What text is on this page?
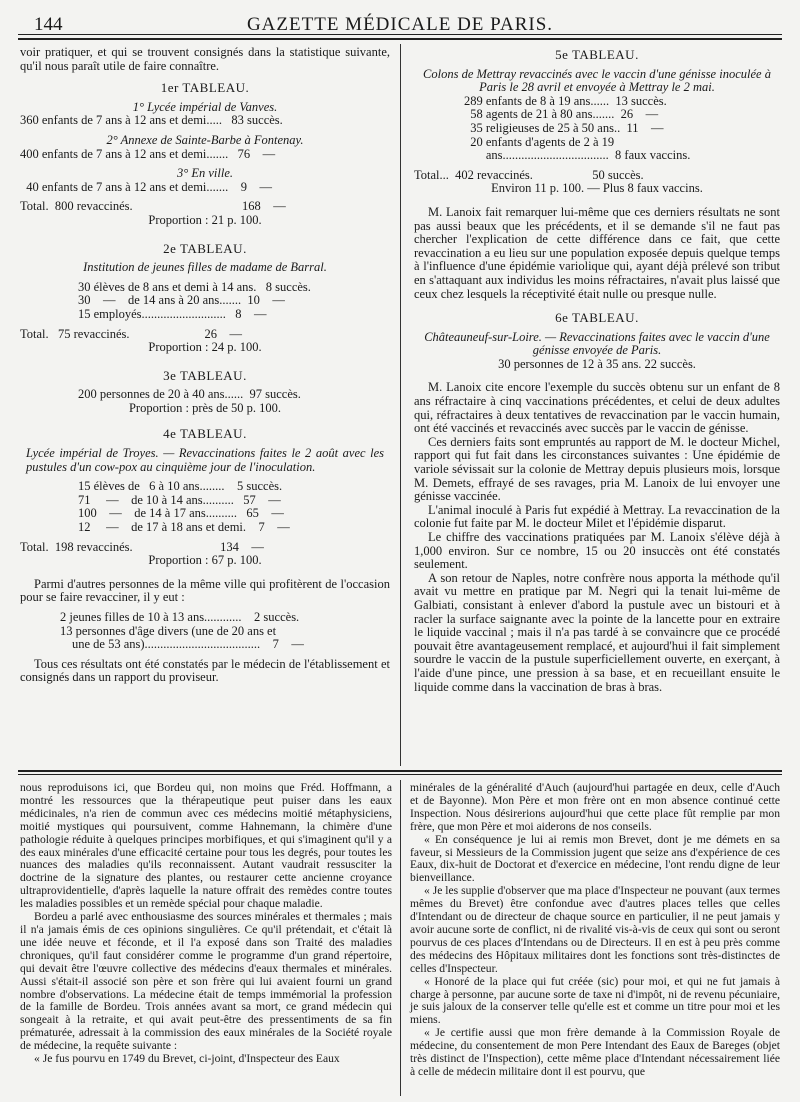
144	GAZETTE MÉDICALE DE PARIS.

voir pratiquer, et qui se trouvent consignés dans la statistique suivante, qu'il nous paraît utile de faire connaître.

1er TABLEAU.
1° Lycée impérial de Vanves.
360 enfants de 7 ans à 12 ans et demi.....   83 succès.
2° Annexe de Sainte-Barbe à Fontenay.
400 enfants de 7 ans à 12 ans et demi.......   76    —
3° En ville.
40 enfants de 7 ans à 12 ans et demi.......    9    —
Total.  800 revaccinés.                                   168    —
Proportion : 21 p. 100.
2e TABLEAU.
Institution de jeunes filles de madame de Barral.
30 élèves de 8 ans et demi à 14 ans.   8 succès.
30    —    de 14 ans à 20 ans.......  10    —
15 employés...........................   8    —
Total.   75 revaccinés.                        26    —
Proportion : 24 p. 100.
3e TABLEAU.
200 personnes de 20 à 40 ans......  97 succès.
Proportion : près de 50 p. 100.
4e TABLEAU.

Lycée impérial de Troyes. — Revaccinations faites le 2 août avec les pustules d'un cow-pox au cinquième jour de l'inoculation.

15 élèves de   6 à 10 ans........    5 succès.
71     —    de 10 à 14 ans..........   57    —
100    —    de 14 à 17 ans..........   65    —
12     —    de 17 à 18 ans et demi.    7    —
Total.  198 revaccinés.                            134    —
Proportion : 67 p. 100.

Parmi d'autres personnes de la même ville qui profitèrent de l'occasion pour se faire revacciner, il y eut :

2 jeunes filles de 10 à 13 ans............    2 succès.
13 personnes d'âge divers (une de 20 ans et
une de 53 ans).....................................    7    —

Tous ces résultats ont été constatés par le médecin de l'établissement et consignés dans un rapport du proviseur.

5e TABLEAU.
Colons de Mettray revaccinés avec le vaccin d'une génisse inoculée à Paris le 28 avril et envoyée à Mettray le 2 mai.
289 enfants de 8 à 19 ans......  13 succès.
58 agents de 21 à 80 ans.......  26    —
35 religieuses de 25 à 50 ans..  11    —
20 enfants d'agents de 2 à 19
ans..................................  8 faux vaccins.
Total...  402 revaccinés.                   50 succès.
Environ 11 p. 100. — Plus 8 faux vaccins.

M. Lanoix fait remarquer lui-même que ces derniers résultats ne sont pas aussi beaux que les précédents, et il se demande s'il ne faut pas chercher l'explication de cette différence dans ce fait, que cette revaccination a eu lieu sur une population exposée depuis quelque temps à l'influence d'une épidémie variolique qui, ayant déjà prélevé son tribut en s'attaquant aux individus les moins réfractaires, n'avait plus laissé que ceux chez lesquels la réceptivité était nulle ou presque nulle.

6e TABLEAU.
Châteauneuf-sur-Loire. — Revaccinations faites avec le vaccin d'une génisse envoyée de Paris.
30 personnes de 12 à 35 ans. 22 succès.

M. Lanoix cite encore l'exemple du succès obtenu sur un enfant de 8 ans réfractaire à cinq vaccinations précédentes, et celui de deux adultes qui, réfractaires à deux tentatives de revaccination par le vaccin humain, ont été vaccinés et revaccinés avec succès par le vaccin de génisse.

Ces derniers faits sont empruntés au rapport de M. le docteur Michel, rapport qui fut fait dans les circonstances suivantes : Une épidémie de variole sévissait sur la colonie de Mettray depuis plusieurs mois, lorsque M. Demets, effrayé de ses ravages, pria M. Lanoix de lui envoyer une génisse vaccinée.

L'animal inoculé à Paris fut expédié à Mettray. La revaccination de la colonie fut faite par M. le docteur Milet et l'épidémie disparut.

Le chiffre des vaccinations pratiquées par M. Lanoix s'élève déjà à 1,000 environ. Sur ce nombre, 15 ou 20 insuccès ont été constatés seulement.

A son retour de Naples, notre confrère nous apporta la méthode qu'il avait vu mettre en pratique par M. Negri qui la tenait lui-même de Galbiati, consistant à enlever d'abord la pustule avec un bistouri et à racler la surface saignante avec la pointe de la lancette pour en extraire le liquide vaccinal ; mais il n'a pas tardé à se convaincre que ce procédé pouvait être avantageusement remplacé, et aujourd'hui il fait simplement sourdre le vaccin de la pustule superficiellement ouverte, en exerçant, à l'aide d'une pince, une pression à sa base, et en recueillant ensuite le liquide comme dans la vaccination de bras à bras.

nous reproduisons ici, que Bordeu qui, non moins que Fréd. Hoffmann, a montré les ressources que la thérapeutique peut puiser dans les eaux médicinales, n'a rien de commun avec ces médecins moitié métaphysiciens, moitié mystiques qui poursuivent, comme Hahnemann, la chimère d'une pathologie réduite à quelques principes morbifiques, et qui s'imaginent qu'il y a des eaux minérales d'une efficacité certaine pour tous les degrés, pour toutes les nuances des maladies qu'ils reconnaissent. Autant vaudrait ressusciter la doctrine de la signature des plantes, ou restaurer cette ancienne croyance ultraprovidentielle, d'après laquelle la nature offrait des remèdes contre toutes les maladies possibles et un remède spécial pour chaque maladie.

Bordeu a parlé avec enthousiasme des sources minérales et thermales ; mais il n'a jamais émis de ces opinions singulières. Ce qu'il prétendait, et c'était là une idée neuve et féconde, et il l'a exposé dans son Traité des maladies chroniques, qu'il faut considérer comme le programme d'un grand répertoire, qui devait être l'œuvre collective des médecins d'eaux thermales et minérales. Aussi s'était-il associé son père et son frère qui lui avaient fourni un grand nombre d'observations. La médecine était de temps immémorial la profession de la famille de Bordeu. Trois années avant sa mort, ce grand médecin qui songeait à la retraite, et qui avait peut-être des pressentiments de sa fin prématurée, adressait à la commission des eaux minérales de la Société royale de médecine, la requête suivante :

« Je fus pourvu en 1749 du Brevet, ci-joint, d'Inspecteur des Eaux

minérales de la généralité d'Auch (aujourd'hui partagée en deux, celle d'Auch et de Bayonne). Mon Père et mon frère ont en mon absence continué cette Inspection. Nous désirerions aujourd'hui que cette place fût remplie par mon frère, que mon Père et moi aiderons de nos conseils.

« En conséquence je lui ai remis mon Brevet, dont je me démets en sa faveur, si Messieurs de la Commission jugent que seize ans d'expérience de ces Eaux, dix-huit de Doctorat et d'exercice en médecine, l'ont rendu digne de leur bienveillance.

« Je les supplie d'observer que ma place d'Inspecteur ne pouvant (aux termes mêmes du Brevet) être confondue avec d'autres places telles que celles d'Intendant ou de directeur de chaque source en particulier, il ne peut jamais y avoir aucune sorte de conflict, ni de rivalité vis-à-vis de ceux qui sont ou seront pourvus de ces places d'Intendans ou de Directeurs. Il en est à peu près comme des médecins des Hôpitaux militaires dont les fonctions sont très-distinctes de celles d'Inspecteur.

« Honoré de la place qui fut créée (sic) pour moi, et qui ne fut jamais à charge à personne, par aucune sorte de taxe ni d'impôt, ni de revenu pécuniaire, je suis jaloux de la conserver telle qu'elle est et comme un titre pour moi et les miens.

« Je certifie aussi que mon frère demande à la Commission Royale de médecine, du consentement de mon Pere Intendant des Eaux de Bareges (objet très distinct de l'Inspection), cette même place d'Intendant nécessairement liée à celle de médecin militaire dont il est pourvu, que
